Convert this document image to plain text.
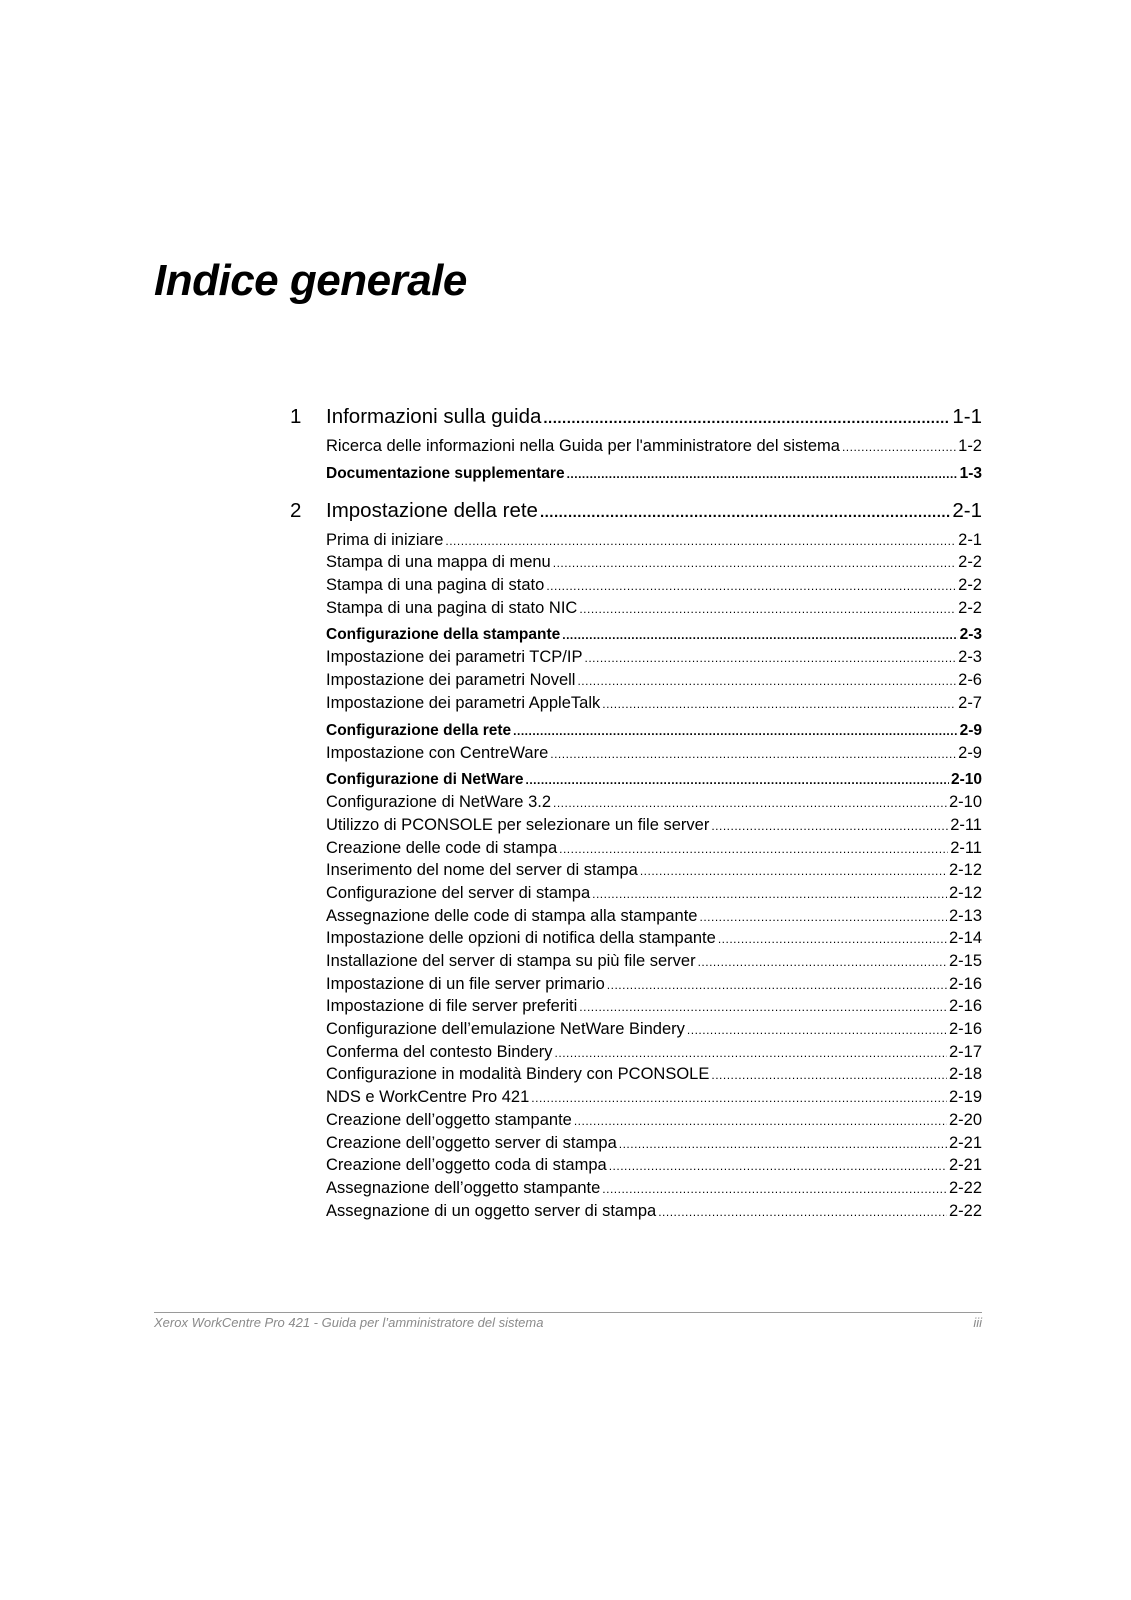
Indice generale
1 Informazioni sulla guida .....	1-1
Ricerca delle informazioni nella Guida per l'amministratore del sistema .....	1-2
Documentazione supplementare .....	1-3
2 Impostazione della rete .....	2-1
Prima di iniziare .....	2-1
Stampa di una mappa di menu .....	2-2
Stampa di una pagina di stato .....	2-2
Stampa di una pagina di stato NIC .....	2-2
Configurazione della stampante .....	2-3
Impostazione dei parametri TCP/IP .....	2-3
Impostazione dei parametri Novell .....	2-6
Impostazione dei parametri AppleTalk .....	2-7
Configurazione della rete .....	2-9
Impostazione con CentreWare .....	2-9
Configurazione di NetWare .....	2-10
Configurazione di NetWare 3.2 .....	2-10
Utilizzo di PCONSOLE per selezionare un file server .....	2-11
Creazione delle code di stampa .....	2-11
Inserimento del nome del server di stampa .....	2-12
Configurazione del server di stampa .....	2-12
Assegnazione delle code di stampa alla stampante .....	2-13
Impostazione delle opzioni di notifica della stampante .....	2-14
Installazione del server di stampa su più file server .....	2-15
Impostazione di un file server primario .....	2-16
Impostazione di file server preferiti .....	2-16
Configurazione dell’emulazione NetWare Bindery .....	2-16
Conferma del contesto Bindery .....	2-17
Configurazione in modalità Bindery con PCONSOLE .....	2-18
NDS e WorkCentre Pro 421 .....	2-19
Creazione dell’oggetto stampante .....	2-20
Creazione dell’oggetto server di stampa .....	2-21
Creazione dell’oggetto coda di stampa .....	2-21
Assegnazione dell’oggetto stampante .....	2-22
Assegnazione di un oggetto server di stampa .....	2-22
Xerox WorkCentre Pro 421 - Guida per l’amministratore del sistema	iii
